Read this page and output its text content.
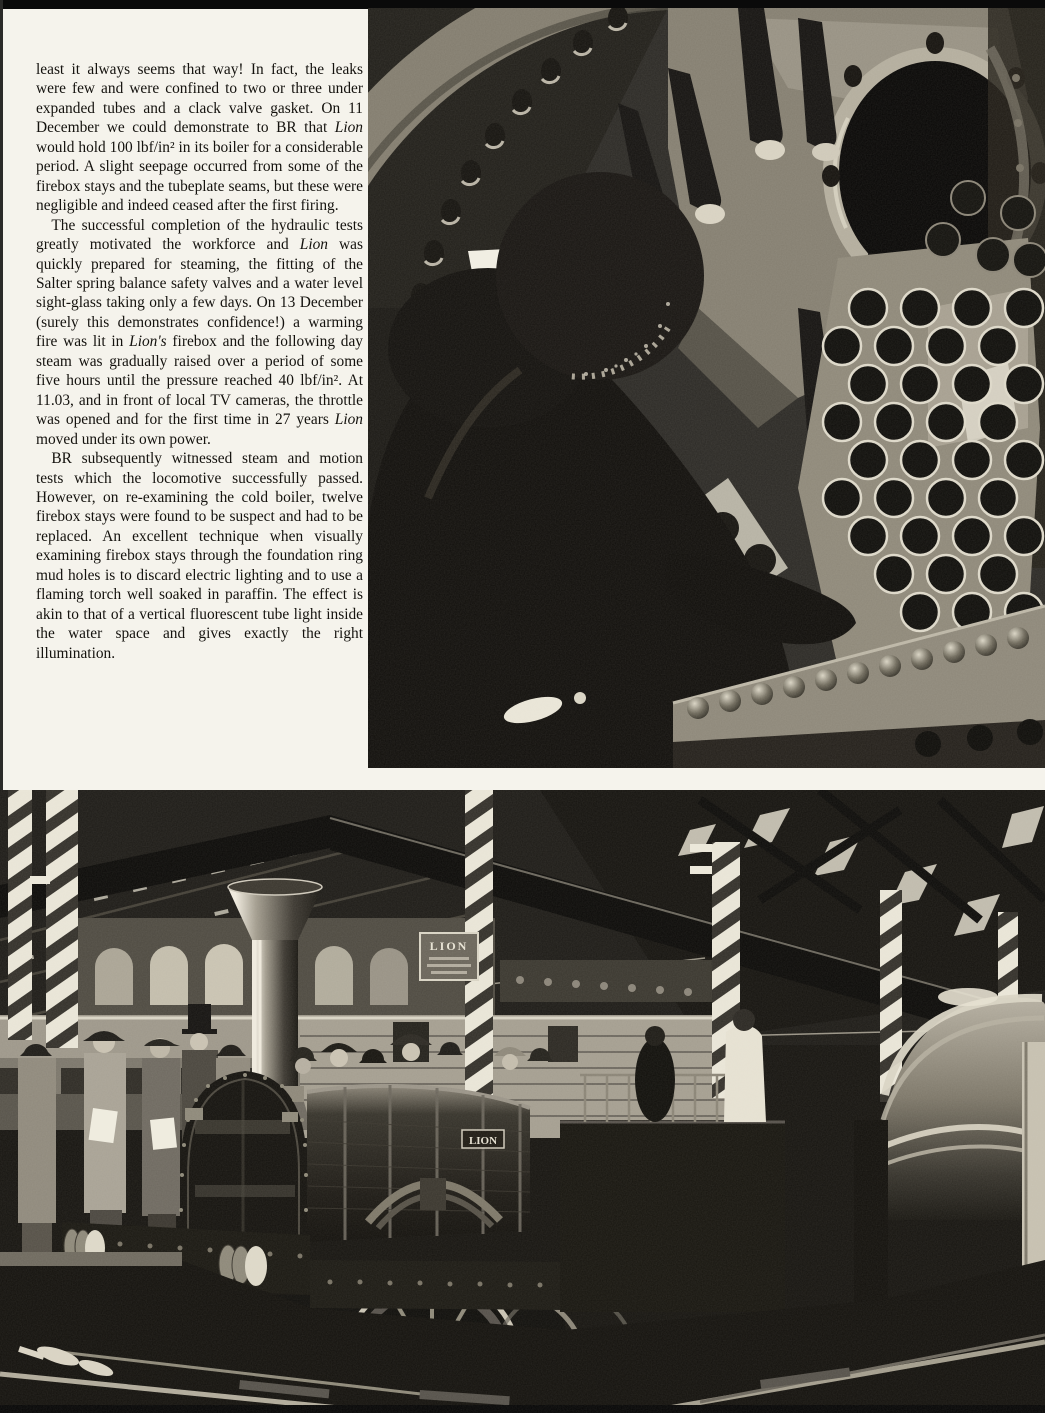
least it always seems that way! In fact, the leaks were few and were confined to two or three under expanded tubes and a clack valve gasket. On 11 December we could demonstrate to BR that Lion would hold 100 lbf/in² in its boiler for a considerable period. A slight seepage occurred from some of the firebox stays and the tubeplate seams, but these were negligible and indeed ceased after the first firing.

The successful completion of the hydraulic tests greatly motivated the workforce and Lion was quickly prepared for steaming, the fitting of the Salter spring balance safety valves and a water level sight-glass taking only a few days. On 13 December (surely this demonstrates confidence!) a warming fire was lit in Lion's firebox and the following day steam was gradually raised over a period of some five hours until the pressure reached 40 lbf/in². At 11.03, and in front of local TV cameras, the throttle was opened and for the first time in 27 years Lion moved under its own power.

BR subsequently witnessed steam and motion tests which the locomotive successfully passed. However, on re-examining the cold boiler, twelve firebox stays were found to be suspect and had to be replaced. An excellent technique when visually examining firebox stays through the foundation ring mud holes is to discard electric lighting and to use a flaming torch well soaked in paraffin. The effect is akin to that of a vertical fluorescent tube light inside the water space and gives exactly the right illumination.

LION
LION
